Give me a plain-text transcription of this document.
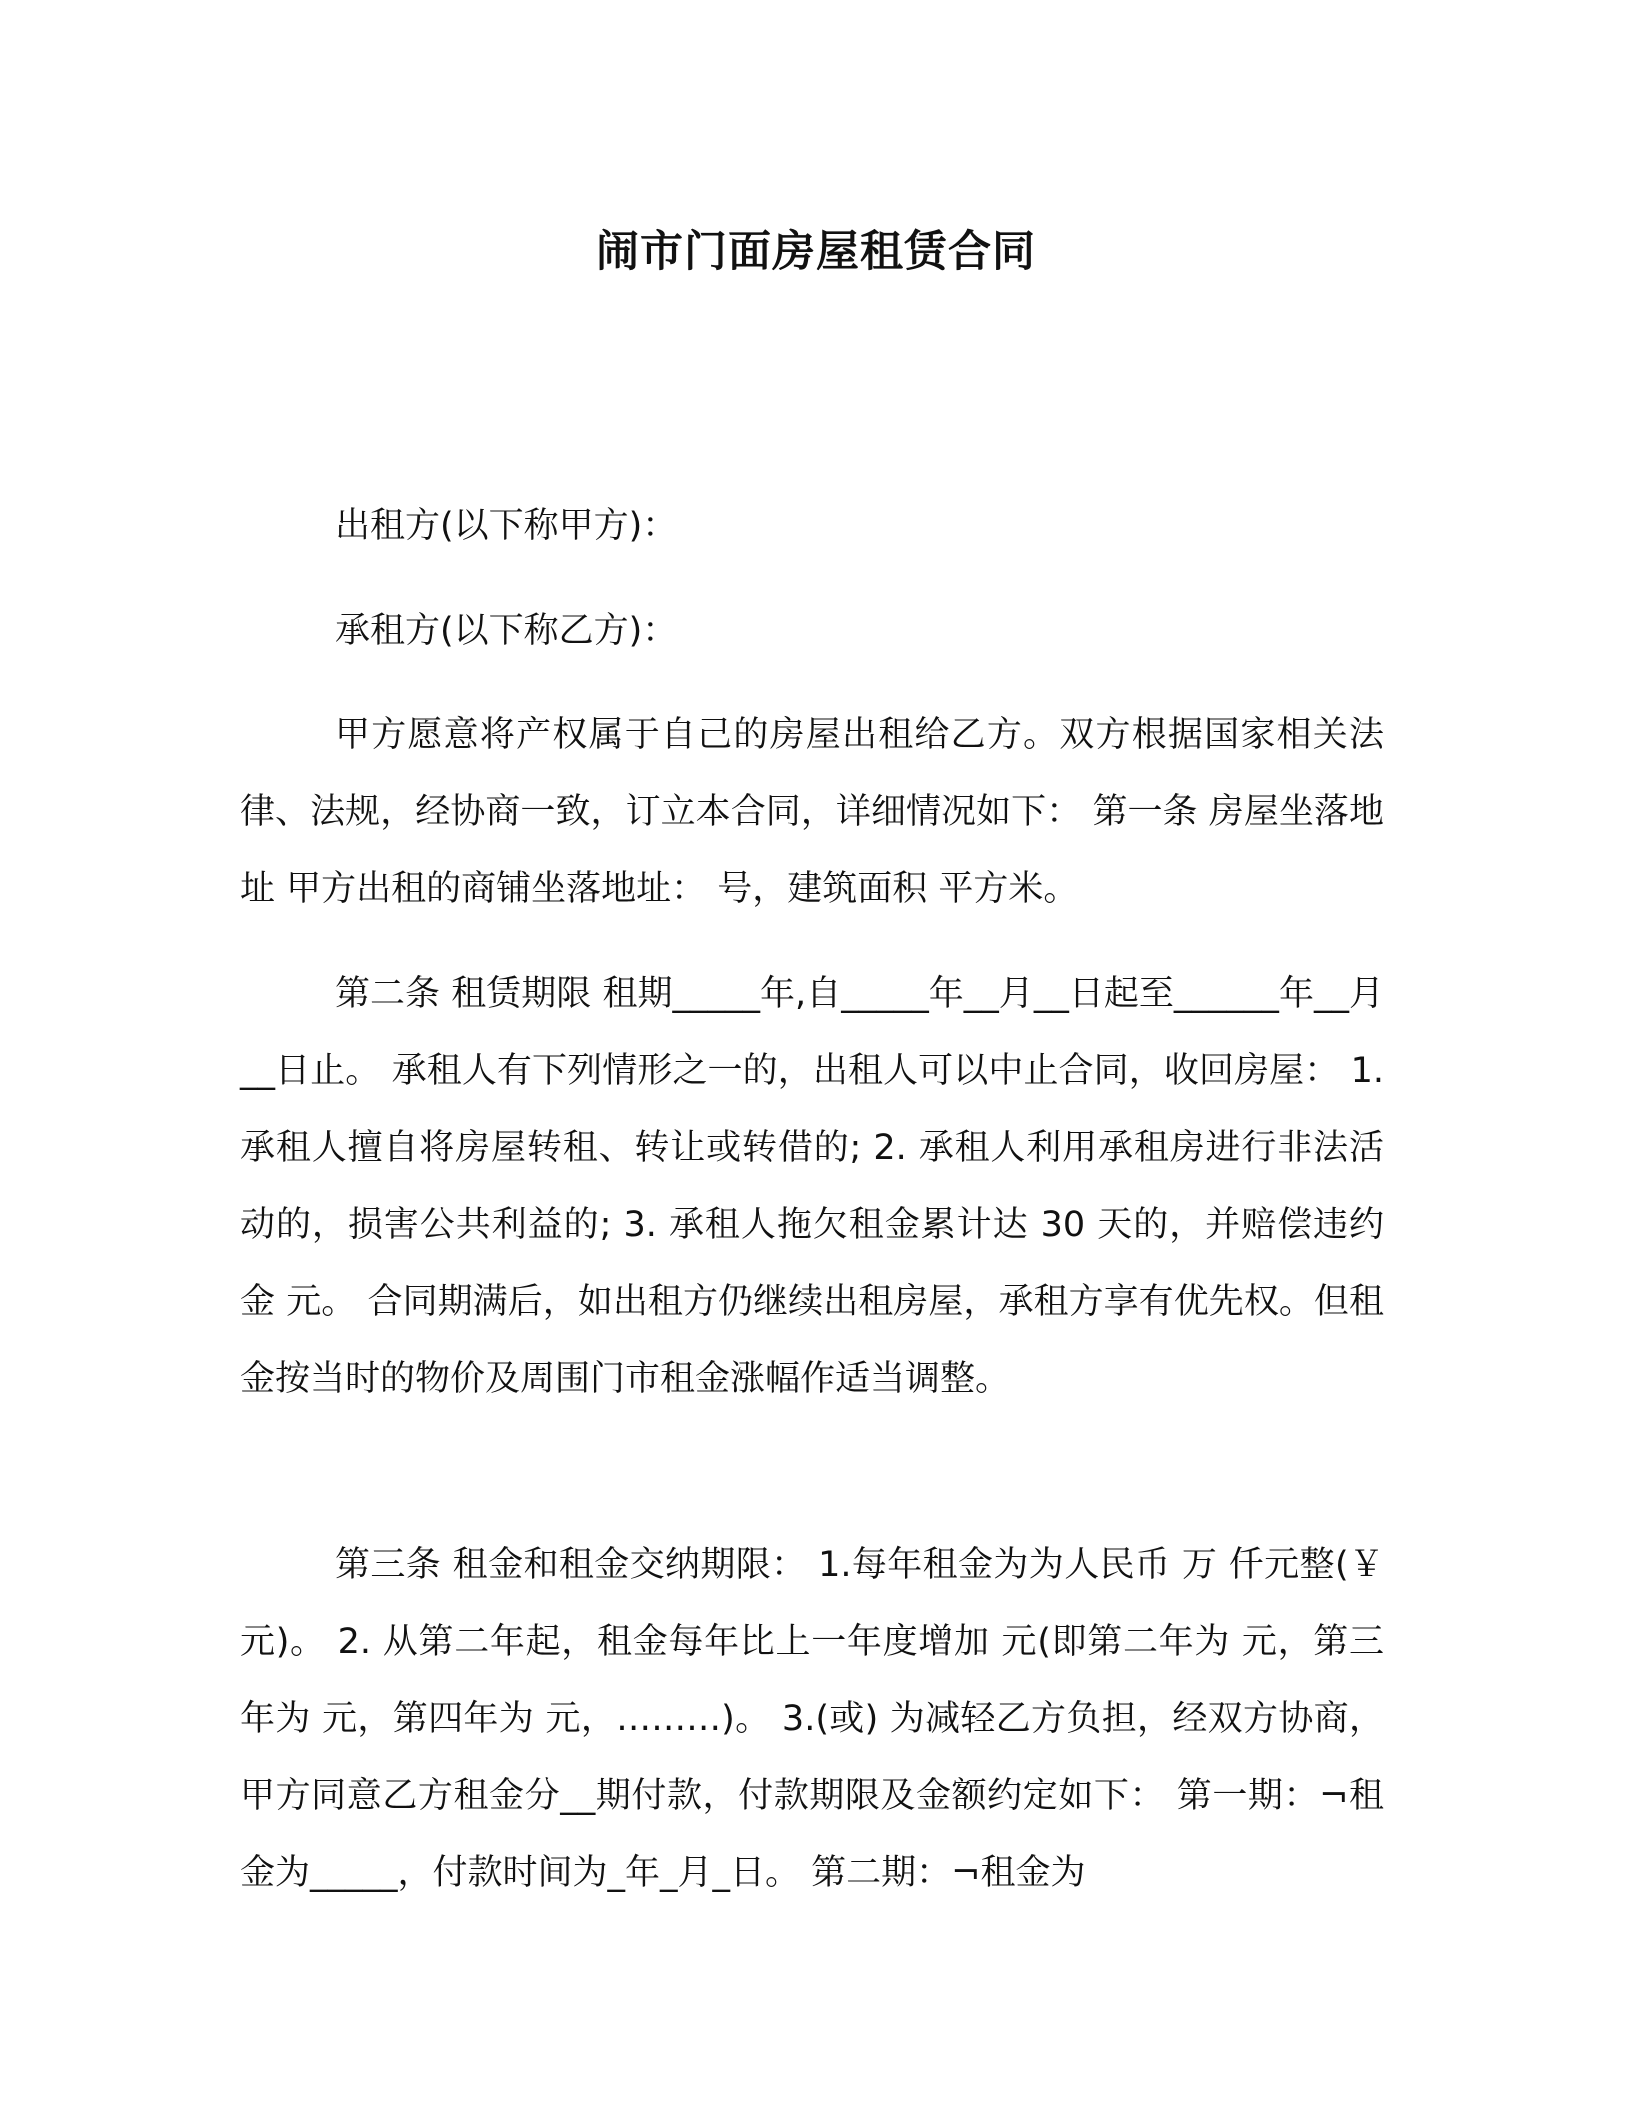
闹市门面房屋租赁合同

出租方(以下称甲方)：

承租方(以下称乙方)：

甲方愿意将产权属于自己的房屋出租给乙方。双方根据国家相关法律、法规，经协商一致，订立本合同，详细情况如下： 第一条 房屋坐落地址 甲方出租的商铺坐落地址： 号，建筑面积 平方米。

第二条 租赁期限 租期_____年,自_____年__月__日起至______年__月__日止。 承租人有下列情形之一的，出租人可以中止合同，收回房屋： 1. 承租人擅自将房屋转租、转让或转借的; 2. 承租人利用承租房进行非法活动的，损害公共利益的; 3. 承租人拖欠租金累计达 30 天的，并赔偿违约金 元。 合同期满后，如出租方仍继续出租房屋，承租方享有优先权。但租金按当时的物价及周围门市租金涨幅作适当调整。

第三条 租金和租金交纳期限： 1.每年租金为为人民币 万 仟元整(￥ 元)。 2. 从第二年起，租金每年比上一年度增加 元(即第二年为 元，第三年为 元，第四年为 元，………)。 3.(或) 为减轻乙方负担，经双方协商，甲方同意乙方租金分__期付款，付款期限及金额约定如下： 第一期：¬租金为_____，付款时间为_年_月_日。 第二期：¬租金为
